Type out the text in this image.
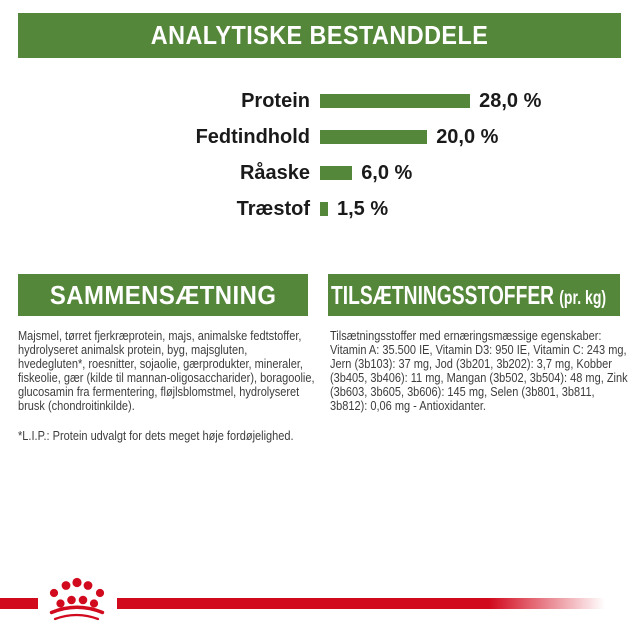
ANALYTISKE BESTANDDELE
Protein	28,0 %
Fedtindhold	20,0 %
Råaske	6,0 %
Træstof 1,5 %
SAMMENSÆTNING
Majsmel, tørret fjerkræprotein, majs, animalske fedtstoffer, hydrolyseret animalsk protein, byg, majsgluten, hvedegluten*, roesnitter, sojaolie, gærprodukter, mineraler, fiskeolie, gær (kilde til mannan-oligosaccharider), boragoolie, glucosamin fra fermentering, fløjlsblomstmel, hydrolyseret brusk (chondroitinkilde).
*L.I.P.: Protein udvalgt for dets meget høje fordøjelighed.
TILSÆTNINGSSTOFFER (pr. kg)
Tilsætningsstoffer med ernæringsmæssige egenskaber: Vitamin A: 35.500 IE, Vitamin D3: 950 IE, Vitamin C: 243 mg, Jern (3b103): 37 mg, Jod (3b201, 3b202): 3,7 mg, Kobber (3b405, 3b406): 11 mg, Mangan (3b502, 3b504): 48 mg, Zink (3b603, 3b605, 3b606): 145 mg, Selen (3b801, 3b811, 3b812): 0,06 mg - Antioxidanter.
